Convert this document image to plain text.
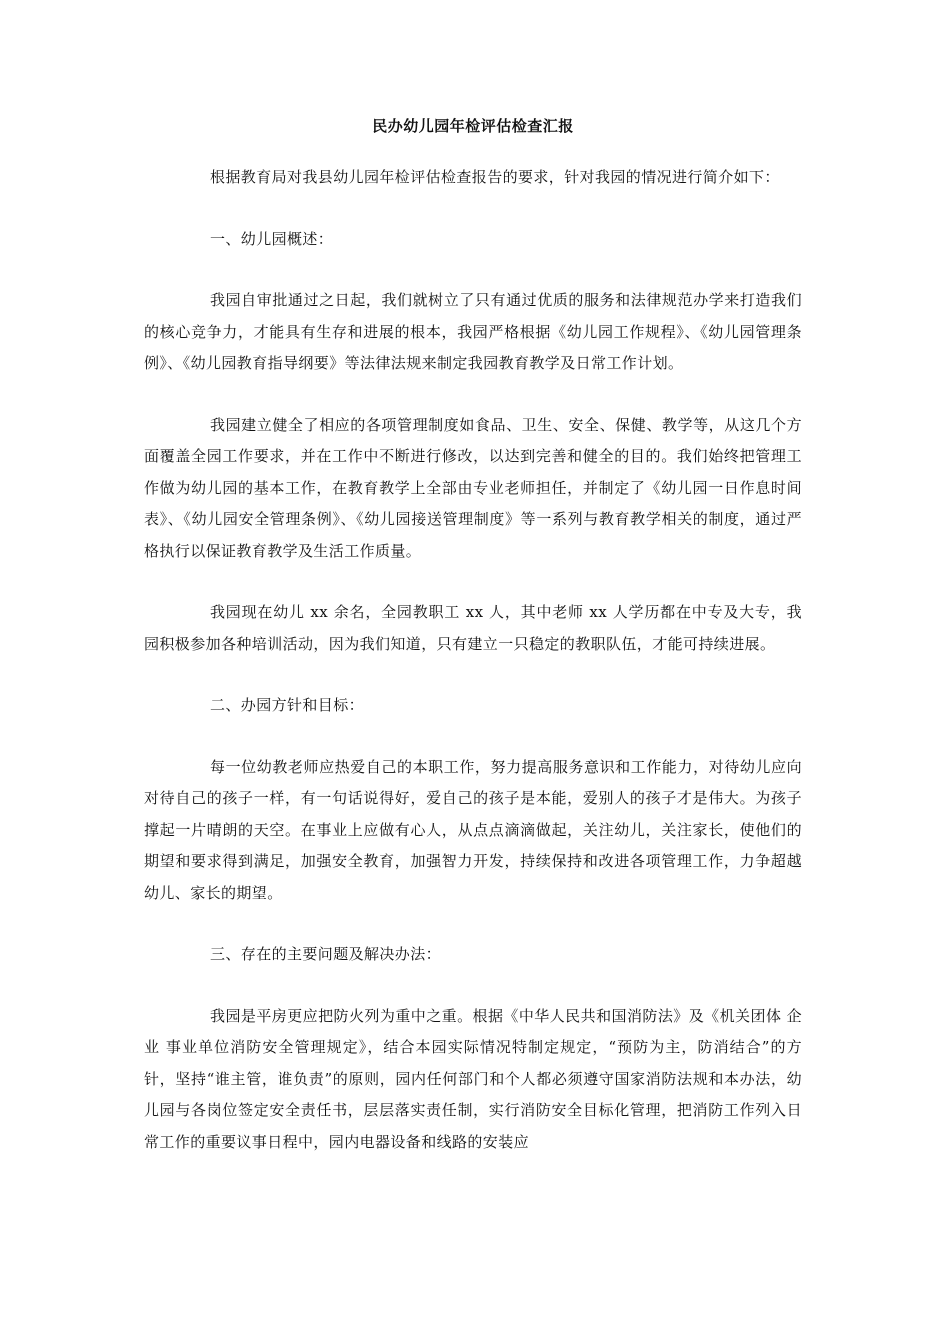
民办幼儿园年检评估检查汇报

根据教育局对我县幼儿园年检评估检查报告的要求，针对我园的情况进行简介如下：

一、幼儿园概述：

我园自审批通过之日起，我们就树立了只有通过优质的服务和法律规范办学来打造我们的核心竞争力，才能具有生存和进展的根本，我园严格根据《幼儿园工作规程》、《幼儿园管理条例》、《幼儿园教育指导纲要》等法律法规来制定我园教育教学及日常工作计划。

我园建立健全了相应的各项管理制度如食品、卫生、安全、保健、教学等，从这几个方面覆盖全园工作要求，并在工作中不断进行修改，以达到完善和健全的目的。我们始终把管理工作做为幼儿园的基本工作，在教育教学上全部由专业老师担任，并制定了《幼儿园一日作息时间表》、《幼儿园安全管理条例》、《幼儿园接送管理制度》等一系列与教育教学相关的制度，通过严格执行以保证教育教学及生活工作质量。

我园现在幼儿 xx 余名，全园教职工 xx 人，其中老师 xx 人学历都在中专及大专，我园积极参加各种培训活动，因为我们知道，只有建立一只稳定的教职队伍，才能可持续进展。

二、办园方针和目标：

每一位幼教老师应热爱自己的本职工作，努力提高服务意识和工作能力，对待幼儿应向对待自己的孩子一样，有一句话说得好，爱自己的孩子是本能，爱别人的孩子才是伟大。为孩子撑起一片晴朗的天空。在事业上应做有心人，从点点滴滴做起，关注幼儿，关注家长，使他们的期望和要求得到满足，加强安全教育，加强智力开发，持续保持和改进各项管理工作，力争超越幼儿、家长的期望。

三、存在的主要问题及解决办法：

我园是平房更应把防火列为重中之重。根据《中华人民共和国消防法》及《机关团体 企业 事业单位消防安全管理规定》，结合本园实际情况特制定规定，“预防为主，防消结合”的方针，坚持“谁主管，谁负责”的原则，园内任何部门和个人都必须遵守国家消防法规和本办法，幼儿园与各岗位签定安全责任书，层层落实责任制，实行消防安全目标化管理，把消防工作列入日常工作的重要议事日程中，园内电器设备和线路的安装应
